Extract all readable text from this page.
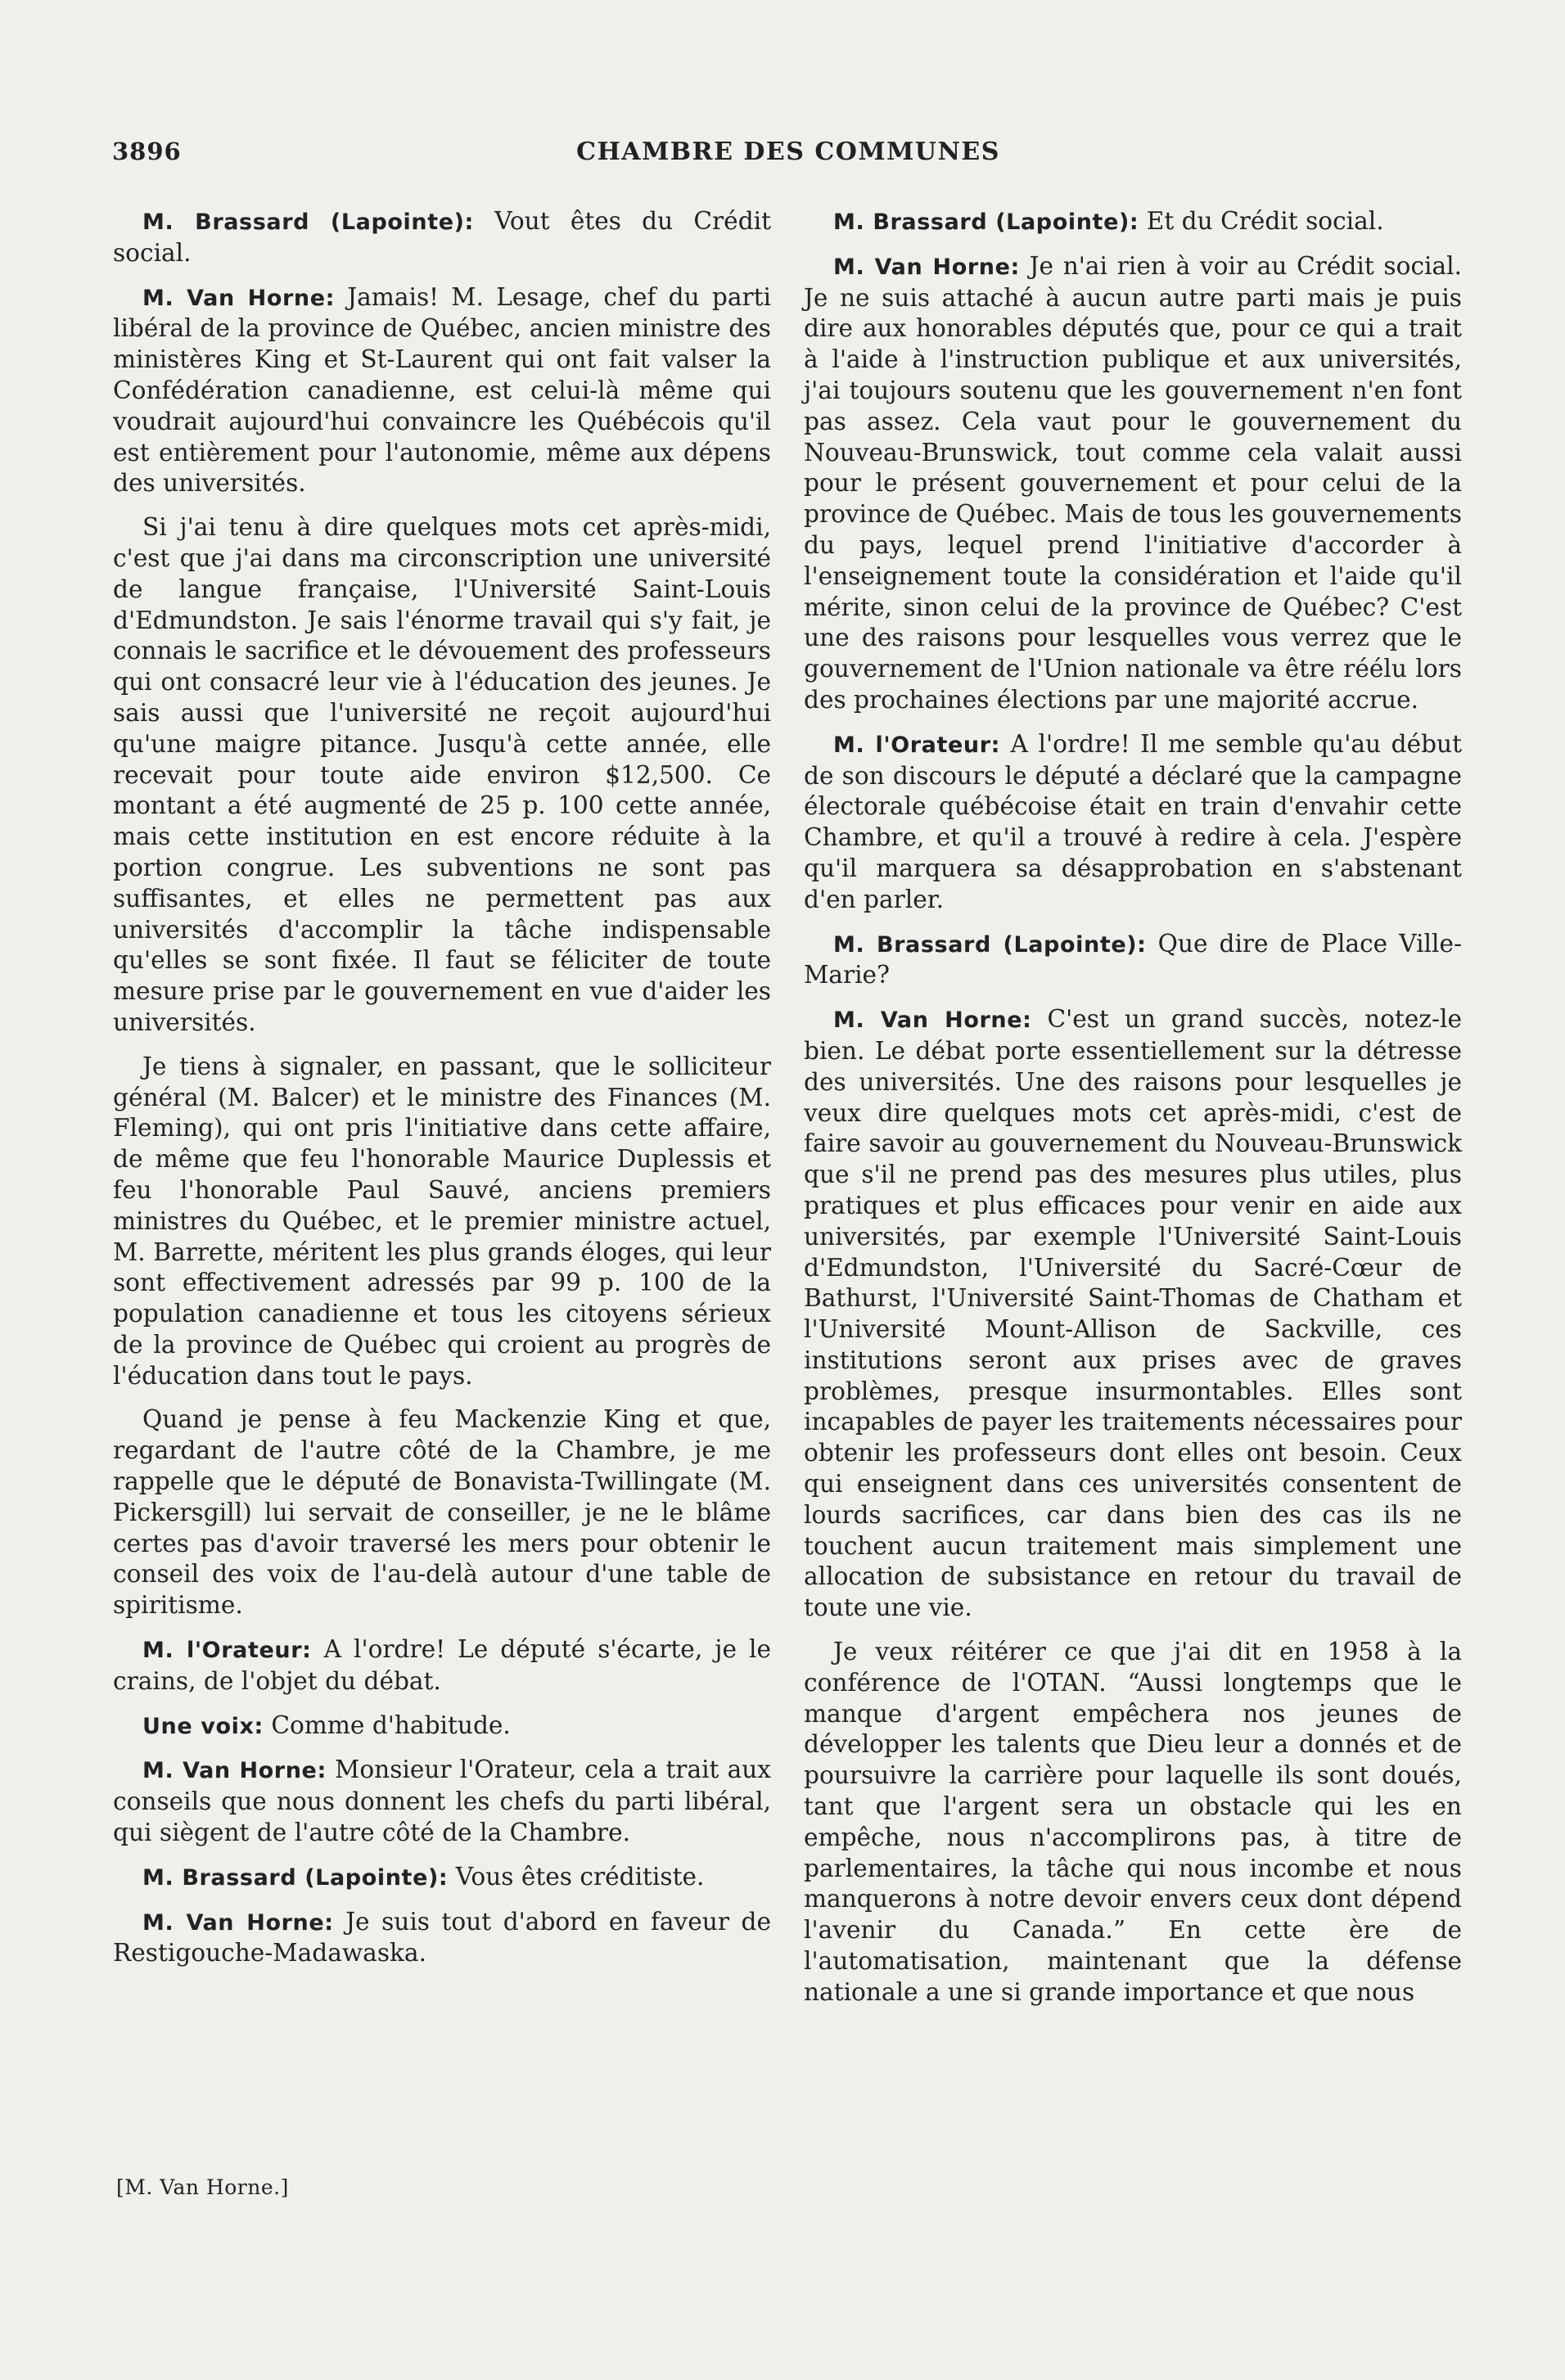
3896	CHAMBRE DES COMMUNES

M. Brassard (Lapointe): Vout êtes du Crédit social.

M. Van Horne: Jamais! M. Lesage, chef du parti libéral de la province de Québec, ancien ministre des ministères King et St-Laurent qui ont fait valser la Confédération canadienne, est celui-là même qui voudrait aujourd'hui convaincre les Québécois qu'il est entièrement pour l'autonomie, même aux dépens des universités.

Si j'ai tenu à dire quelques mots cet après-midi, c'est que j'ai dans ma circonscription une université de langue française, l'Université Saint-Louis d'Edmundston. Je sais l'énorme travail qui s'y fait, je connais le sacrifice et le dévouement des professeurs qui ont consacré leur vie à l'éducation des jeunes. Je sais aussi que l'université ne reçoit aujourd'hui qu'une maigre pitance. Jusqu'à cette année, elle recevait pour toute aide environ $12,500. Ce montant a été augmenté de 25 p. 100 cette année, mais cette institution en est encore réduite à la portion congrue. Les subventions ne sont pas suffisantes, et elles ne permettent pas aux universités d'accomplir la tâche indispensable qu'elles se sont fixée. Il faut se féliciter de toute mesure prise par le gouvernement en vue d'aider les universités.

Je tiens à signaler, en passant, que le solliciteur général (M. Balcer) et le ministre des Finances (M. Fleming), qui ont pris l'initiative dans cette affaire, de même que feu l'honorable Maurice Duplessis et feu l'honorable Paul Sauvé, anciens premiers ministres du Québec, et le premier ministre actuel, M. Barrette, méritent les plus grands éloges, qui leur sont effectivement adressés par 99 p. 100 de la population canadienne et tous les citoyens sérieux de la province de Québec qui croient au progrès de l'éducation dans tout le pays.

Quand je pense à feu Mackenzie King et que, regardant de l'autre côté de la Chambre, je me rappelle que le député de Bonavista-Twillingate (M. Pickersgill) lui servait de conseiller, je ne le blâme certes pas d'avoir traversé les mers pour obtenir le conseil des voix de l'au-delà autour d'une table de spiritisme.

M. l'Orateur: A l'ordre! Le député s'écarte, je le crains, de l'objet du débat.

Une voix: Comme d'habitude.

M. Van Horne: Monsieur l'Orateur, cela a trait aux conseils que nous donnent les chefs du parti libéral, qui siègent de l'autre côté de la Chambre.

M. Brassard (Lapointe): Vous êtes créditiste.

M. Van Horne: Je suis tout d'abord en faveur de Restigouche-Madawaska.

M. Brassard (Lapointe): Et du Crédit social.

M. Van Horne: Je n'ai rien à voir au Crédit social. Je ne suis attaché à aucun autre parti mais je puis dire aux honorables députés que, pour ce qui a trait à l'aide à l'instruction publique et aux universités, j'ai toujours soutenu que les gouvernement n'en font pas assez. Cela vaut pour le gouvernement du Nouveau-Brunswick, tout comme cela valait aussi pour le présent gouvernement et pour celui de la province de Québec. Mais de tous les gouvernements du pays, lequel prend l'initiative d'accorder à l'enseignement toute la considération et l'aide qu'il mérite, sinon celui de la province de Québec? C'est une des raisons pour lesquelles vous verrez que le gouvernement de l'Union nationale va être réélu lors des prochaines élections par une majorité accrue.

M. l'Orateur: A l'ordre! Il me semble qu'au début de son discours le député a déclaré que la campagne électorale québécoise était en train d'envahir cette Chambre, et qu'il a trouvé à redire à cela. J'espère qu'il marquera sa désapprobation en s'abstenant d'en parler.

M. Brassard (Lapointe): Que dire de Place Ville-Marie?

M. Van Horne: C'est un grand succès, notez-le bien. Le débat porte essentiellement sur la détresse des universités. Une des raisons pour lesquelles je veux dire quelques mots cet après-midi, c'est de faire savoir au gouvernement du Nouveau-Brunswick que s'il ne prend pas des mesures plus utiles, plus pratiques et plus efficaces pour venir en aide aux universités, par exemple l'Université Saint-Louis d'Edmundston, l'Université du Sacré-Cœur de Bathurst, l'Université Saint-Thomas de Chatham et l'Université Mount-Allison de Sackville, ces institutions seront aux prises avec de graves problèmes, presque insurmontables. Elles sont incapables de payer les traitements nécessaires pour obtenir les professeurs dont elles ont besoin. Ceux qui enseignent dans ces universités consentent de lourds sacrifices, car dans bien des cas ils ne touchent aucun traitement mais simplement une allocation de subsistance en retour du travail de toute une vie.

Je veux réitérer ce que j'ai dit en 1958 à la conférence de l'OTAN. “Aussi longtemps que le manque d'argent empêchera nos jeunes de développer les talents que Dieu leur a donnés et de poursuivre la carrière pour laquelle ils sont doués, tant que l'argent sera un obstacle qui les en empêche, nous n'accomplirons pas, à titre de parlementaires, la tâche qui nous incombe et nous manquerons à notre devoir envers ceux dont dépend l'avenir du Canada.” En cette ère de l'automatisation, maintenant que la défense nationale a une si grande importance et que nous

[M. Van Horne.]
